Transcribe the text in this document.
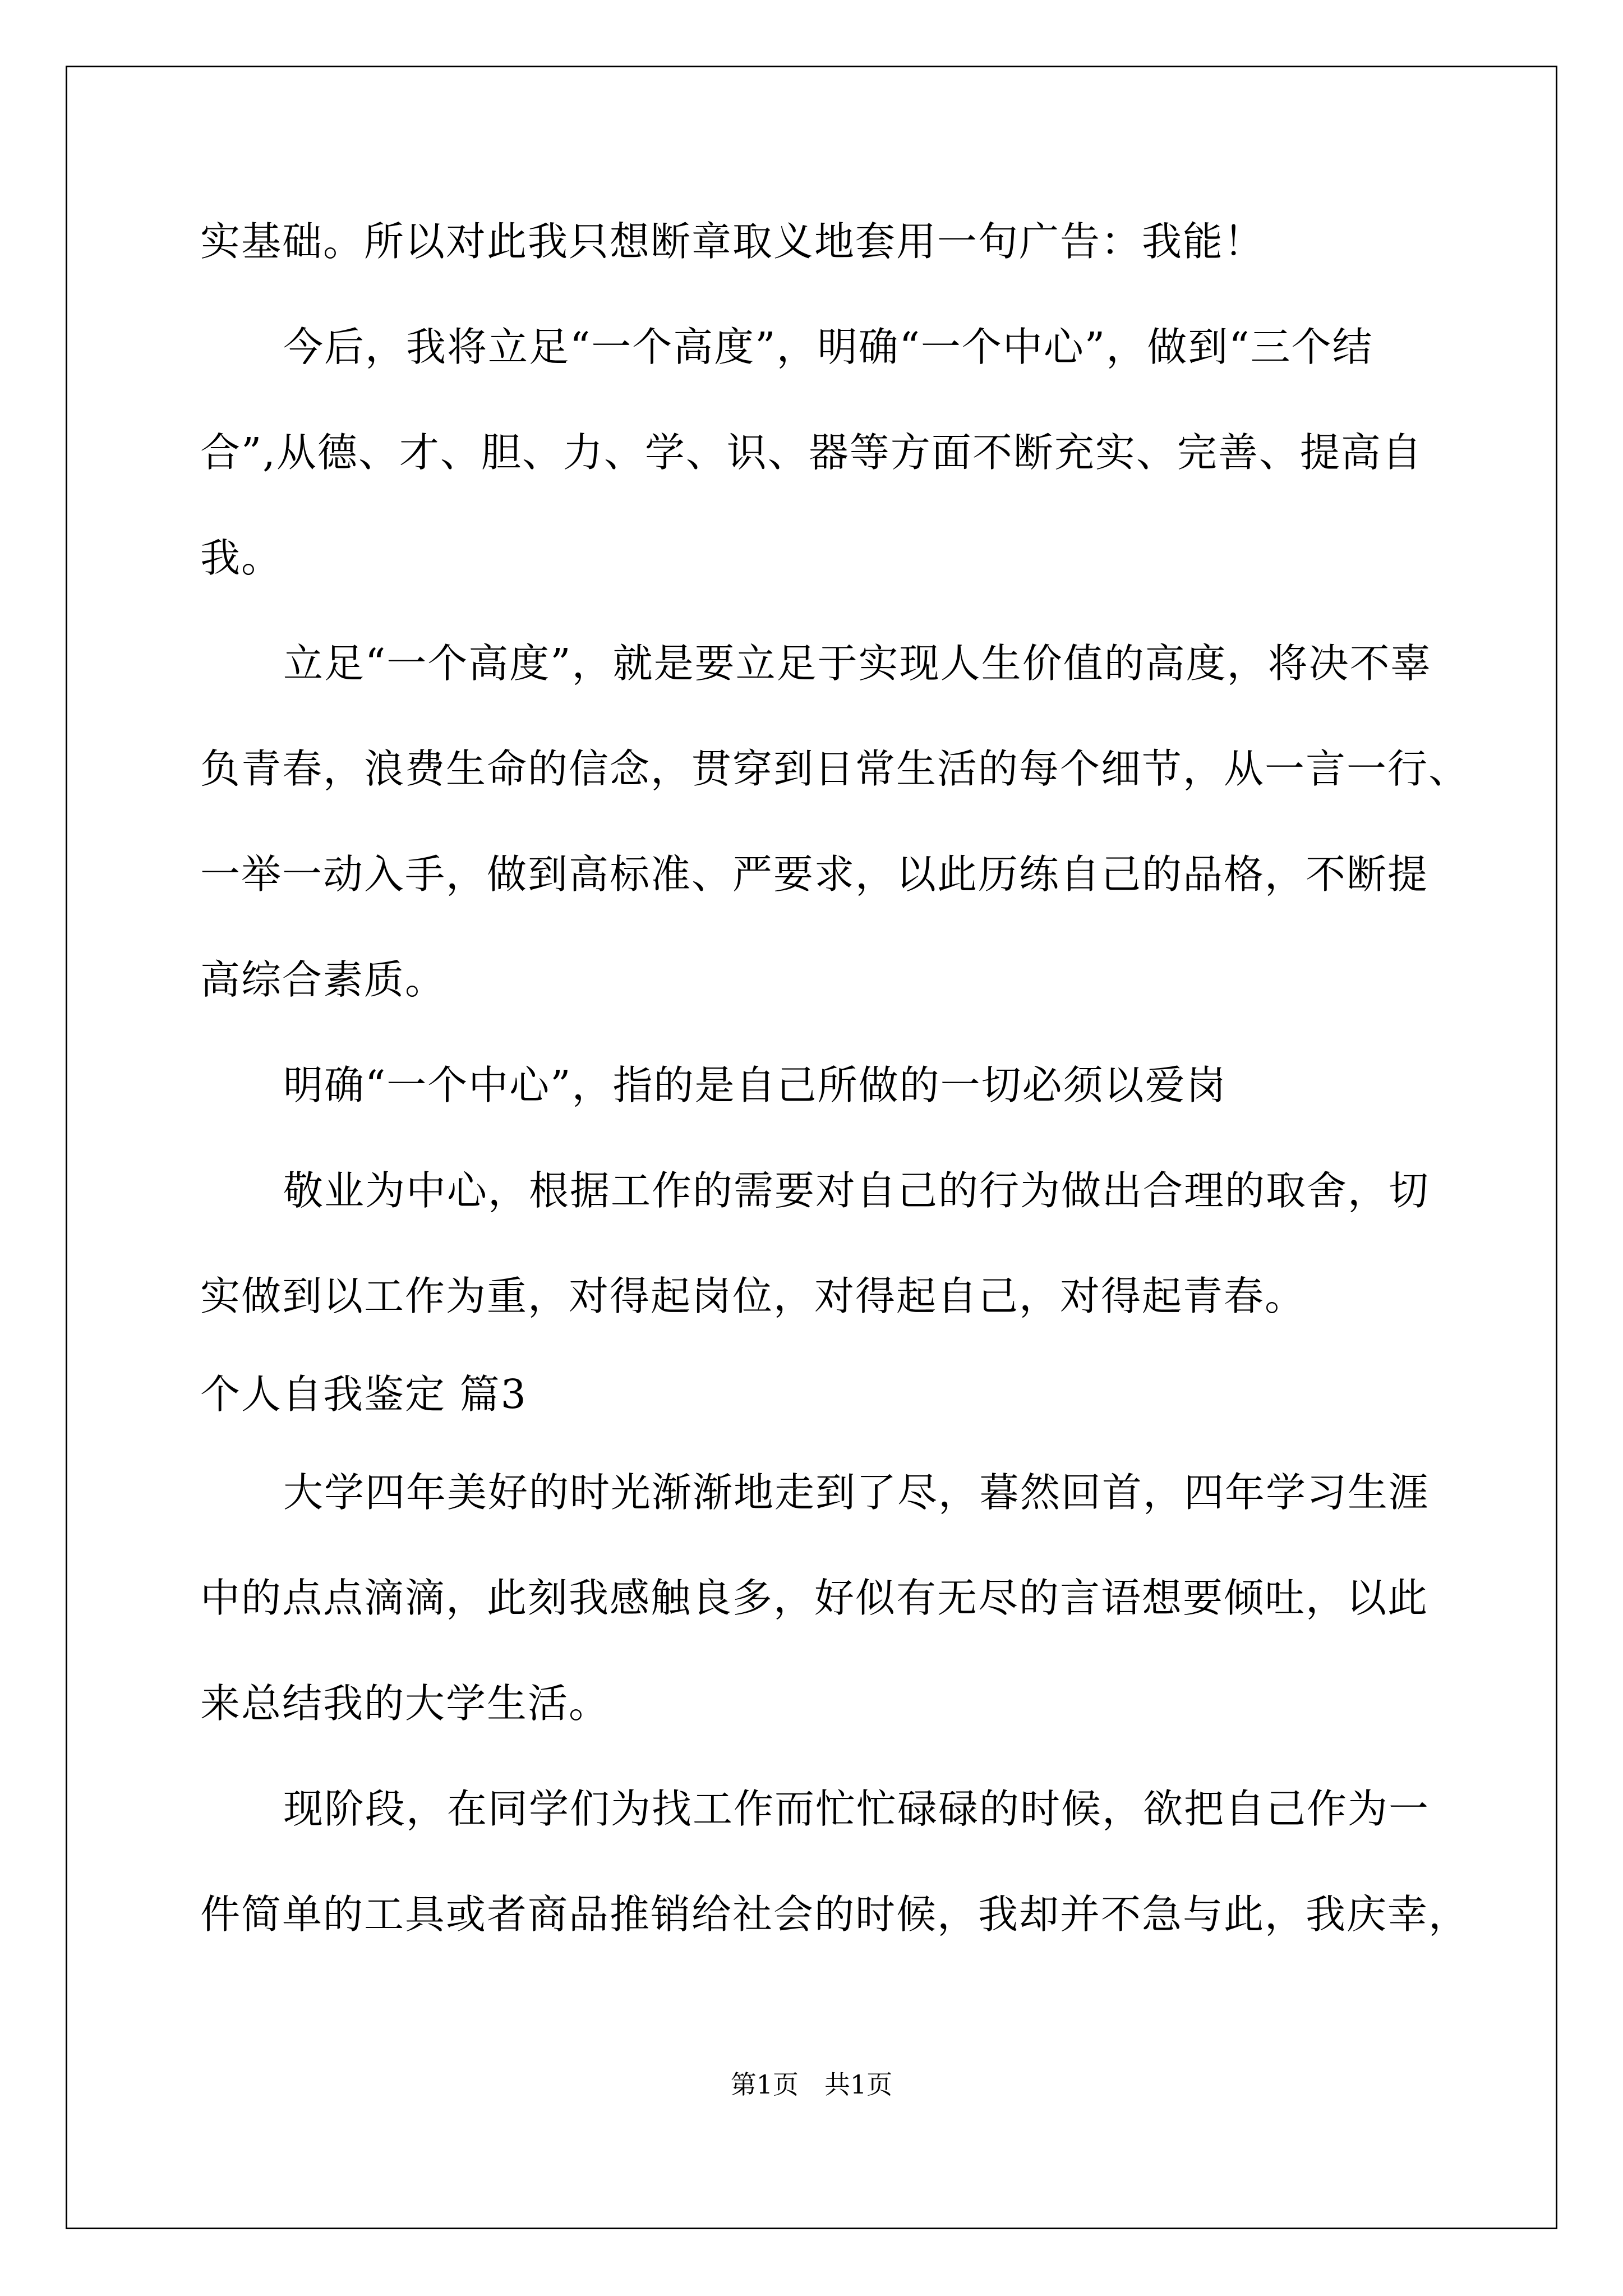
实基础。所以对此我只想断章取义地套用一句广告：我能！
今后，我将立足“一个高度”，明确“一个中心”，做到“三个结
合”,从德、才、胆、力、学、识、器等方面不断充实、完善、提高自
我。
立足“一个高度”，就是要立足于实现人生价值的高度，将决不辜
负青春，浪费生命的信念，贯穿到日常生活的每个细节，从一言一行、
一举一动入手，做到高标准、严要求，以此历练自己的品格，不断提
高综合素质。
明确“一个中心”，指的是自己所做的一切必须以爱岗
敬业为中心，根据工作的需要对自己的行为做出合理的取舍，切
实做到以工作为重，对得起岗位，对得起自己，对得起青春。
个人自我鉴定 篇3
大学四年美好的时光渐渐地走到了尽，暮然回首，四年学习生涯
中的点点滴滴，此刻我感触良多，好似有无尽的言语想要倾吐，以此
来总结我的大学生活。
现阶段，在同学们为找工作而忙忙碌碌的时候，欲把自己作为一
件简单的工具或者商品推销给社会的时候，我却并不急与此，我庆幸，
第1页　共1页
